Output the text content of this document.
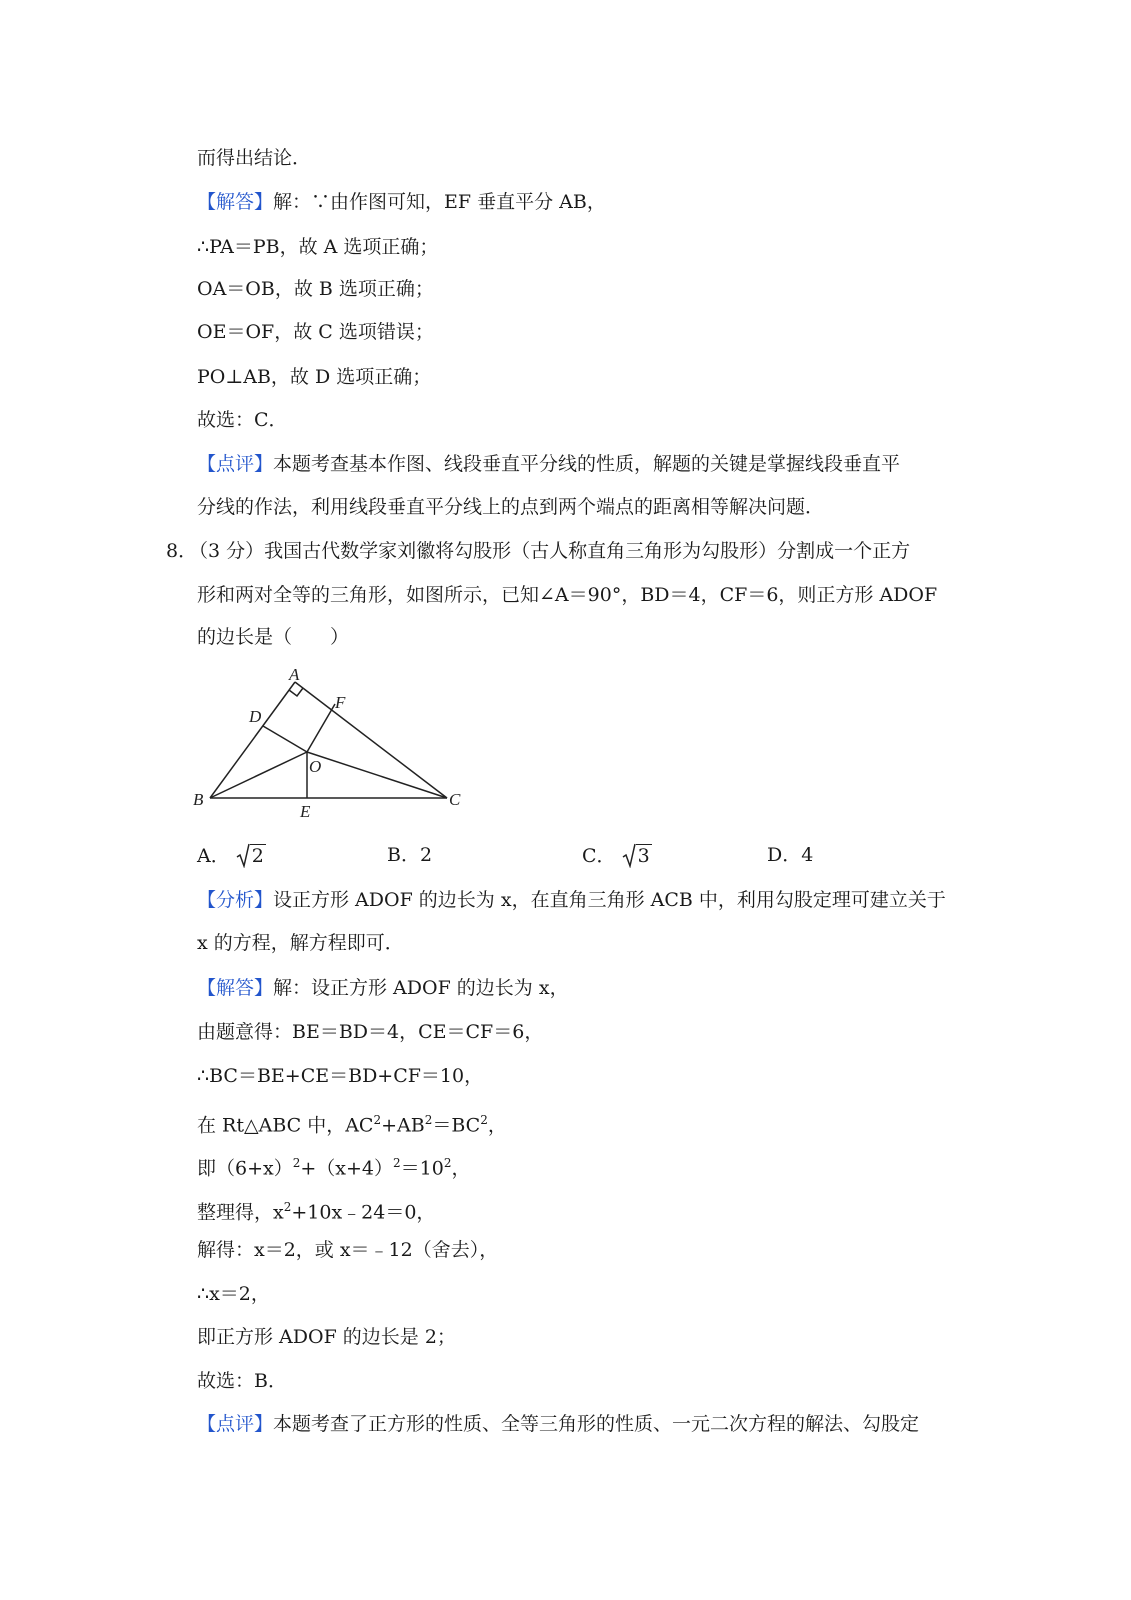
而得出结论．
【解答】解：∵由作图可知，EF 垂直平分 AB，
∴PA＝PB，故 A 选项正确；
OA＝OB，故 B 选项正确；
OE＝OF，故 C 选项错误；
PO⊥AB，故 D 选项正确；
故选：C．
【点评】本题考查基本作图、线段垂直平分线的性质，解题的关键是掌握线段垂直平
分线的作法，利用线段垂直平分线上的点到两个端点的距离相等解决问题．
8．
（3 分）我国古代数学家刘徽将勾股形（古人称直角三角形为勾股形）分割成一个正方
形和两对全等的三角形，如图所示，已知∠A＝90°，BD＝4，CF＝6，则正方形 ADOF
的边长是（　　）
A
D
F
O
B
E
C
A． 2	B．2	C． 3	D．4
【分析】设正方形 ADOF 的边长为 x，在直角三角形 ACB 中，利用勾股定理可建立关于
x 的方程，解方程即可．
【解答】解：设正方形 ADOF 的边长为 x，
由题意得：BE＝BD＝4，CE＝CF＝6，
∴BC＝BE+CE＝BD+CF＝10，
在 Rt△ABC 中，$AC^2+AB^2=BC^2$，
即$(6+x)^2+(x+4)^2=10^2$，
整理得，$x^2+10x﹣24=0$，
解得：x＝2，或 x＝﹣12（舍去），
∴x＝2，
即正方形 ADOF 的边长是 2；
故选：B．
【点评】本题考查了正方形的性质、全等三角形的性质、一元二次方程的解法、勾股定
